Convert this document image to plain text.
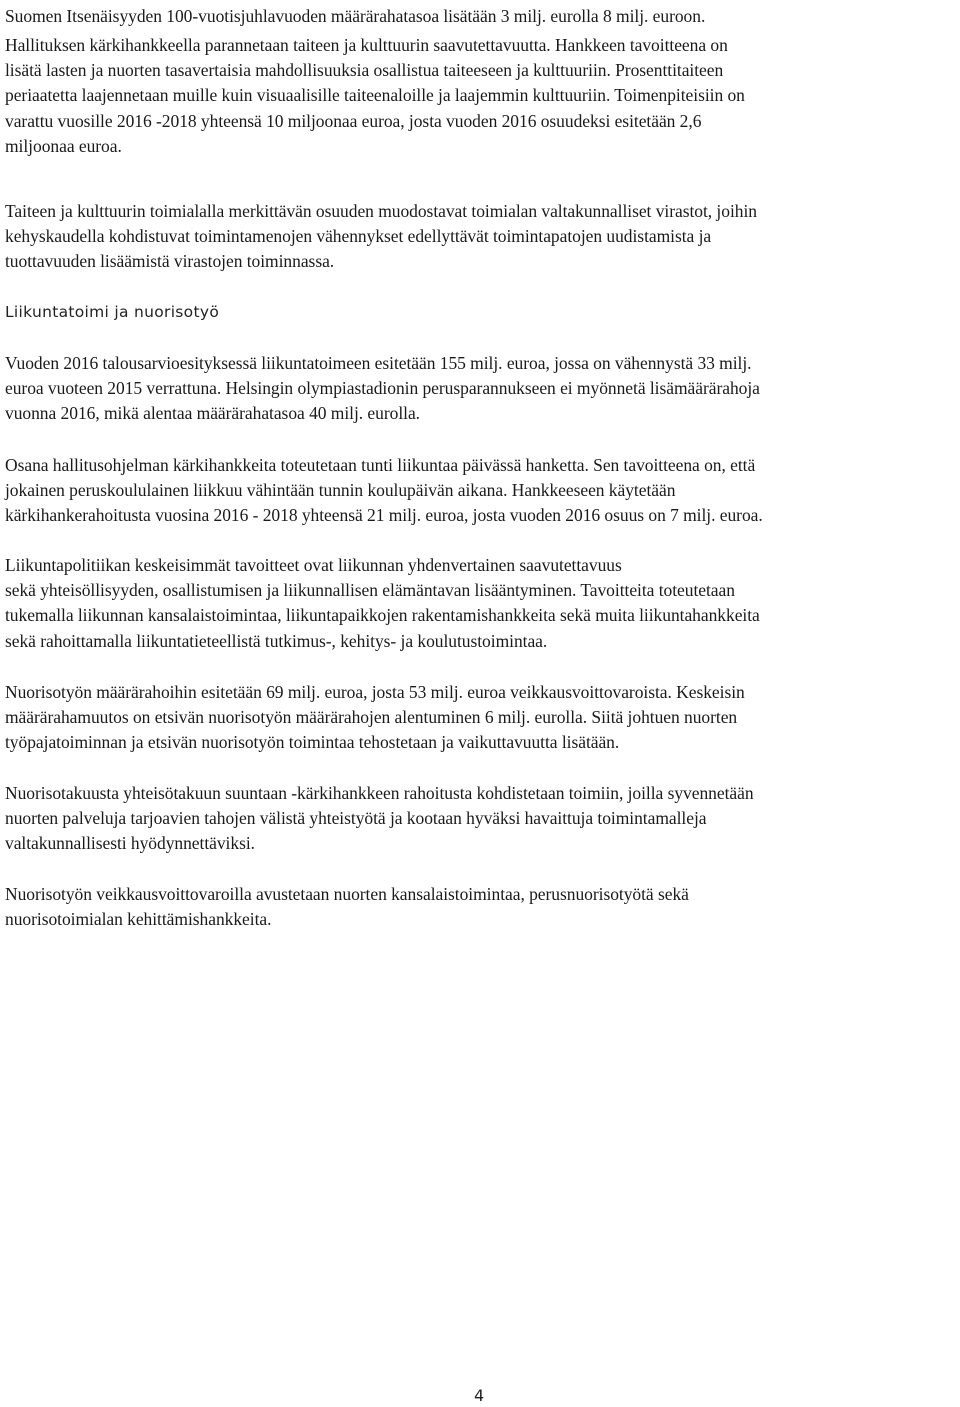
Suomen Itsenäisyyden 100-vuotisjuhlavuoden määrärahatasoa lisätään 3 milj. eurolla 8 milj. euroon.

Hallituksen kärkihankkeella parannetaan taiteen ja kulttuurin saavutettavuutta. Hankkeen tavoitteena on
lisätä lasten ja nuorten tasavertaisia mahdollisuuksia osallistua taiteeseen ja kulttuuriin. Prosenttitaiteen
periaatetta laajennetaan muille kuin visuaalisille taiteenaloille ja laajemmin kulttuuriin. Toimenpiteisiin on
varattu vuosille 2016 -2018 yhteensä 10 miljoonaa euroa, josta vuoden 2016 osuudeksi esitetään 2,6
miljoonaa euroa.

Taiteen ja kulttuurin toimialalla merkittävän osuuden muodostavat toimialan valtakunnalliset virastot, joihin
kehyskaudella kohdistuvat toimintamenojen vähennykset edellyttävät toimintapatojen uudistamista ja
tuottavuuden lisäämistä virastojen toiminnassa.

Liikuntatoimi ja nuorisotyö

Vuoden 2016 talousarvioesityksessä liikuntatoimeen esitetään 155 milj. euroa, jossa on vähennystä 33 milj.
euroa vuoteen 2015 verrattuna. Helsingin olympiastadionin perusparannukseen ei myönnetä lisämäärärahoja
vuonna 2016, mikä alentaa määrärahatasoa 40 milj. eurolla.

Osana hallitusohjelman kärkihankkeita toteutetaan tunti liikuntaa päivässä hanketta. Sen tavoitteena on, että
jokainen peruskoululainen liikkuu vähintään tunnin koulupäivän aikana. Hankkeeseen käytetään
kärkihankerahoitusta vuosina 2016 - 2018 yhteensä 21 milj. euroa, josta vuoden 2016 osuus on 7 milj. euroa.

Liikuntapolitiikan keskeisimmät tavoitteet ovat liikunnan yhdenvertainen saavutettavuus
sekä yhteisöllisyyden, osallistumisen ja liikunnallisen elämäntavan lisääntyminen. Tavoitteita toteutetaan
tukemalla liikunnan kansalaistoimintaa, liikuntapaikkojen rakentamishankkeita sekä muita liikuntahankkeita
sekä rahoittamalla liikuntatieteellistä tutkimus-, kehitys- ja koulutustoimintaa.

Nuorisotyön määrärahoihin esitetään 69 milj. euroa, josta 53 milj. euroa veikkausvoittovaroista. Keskeisin
määrärahamuutos on etsivän nuorisotyön määrärahojen alentuminen 6 milj. eurolla. Siitä johtuen nuorten
työpajatoiminnan ja etsivän nuorisotyön toimintaa tehostetaan ja vaikuttavuutta lisätään.

Nuorisotakuusta yhteisötakuun suuntaan -kärkihankkeen rahoitusta kohdistetaan toimiin, joilla syvennetään
nuorten palveluja tarjoavien tahojen välistä yhteistyötä ja kootaan hyväksi havaittuja toimintamalleja
valtakunnallisesti hyödynnettäviksi.

Nuorisotyön veikkausvoittovaroilla avustetaan nuorten kansalaistoimintaa, perusnuorisotyötä sekä
nuorisotoimialan kehittämishankkeita.

4
